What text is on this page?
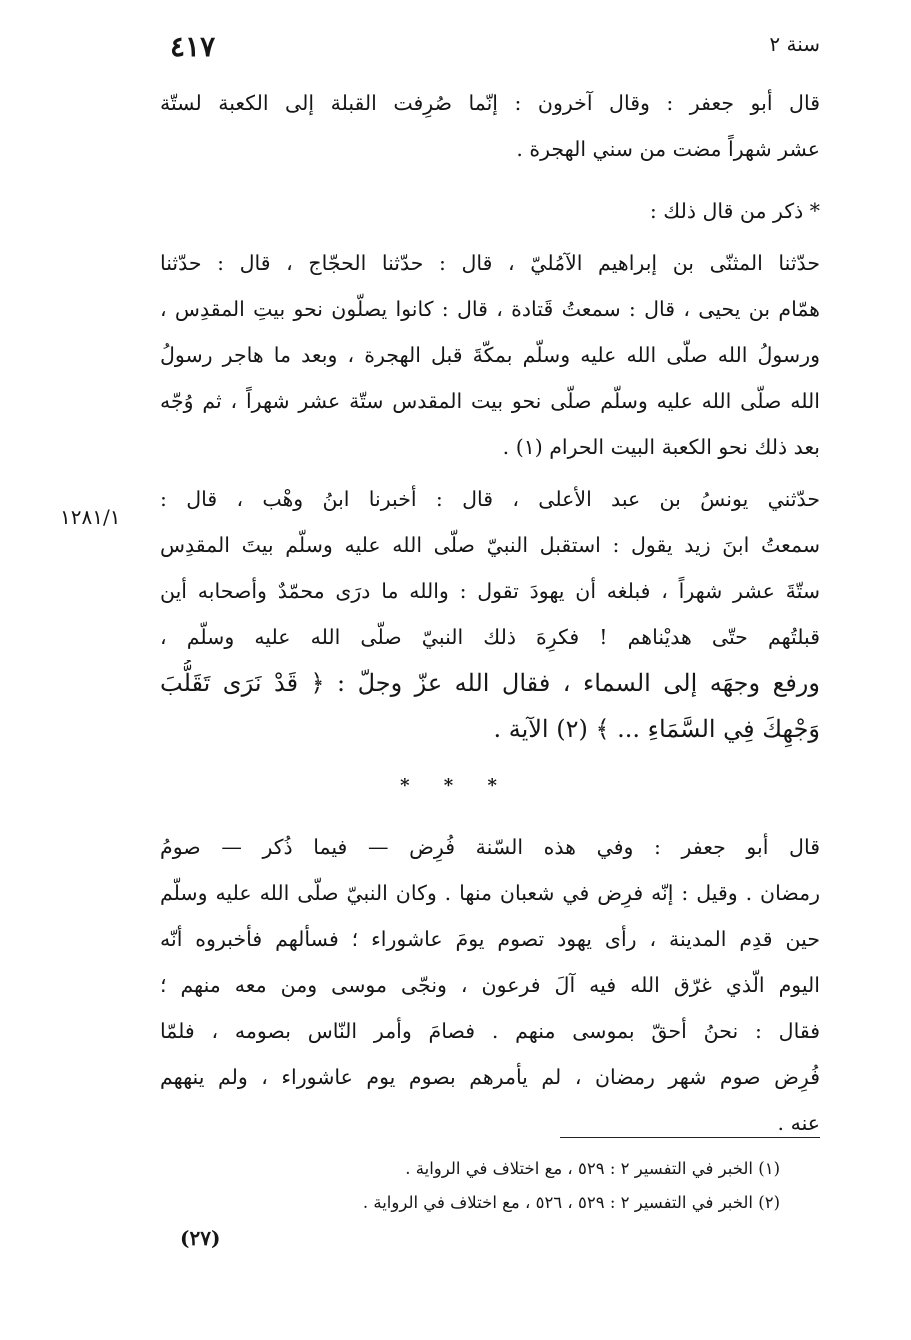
سنة ٢
٤١٧
قال أبو جعفر : وقال آخرون : إنّما صُرِفت القبلة إلى الكعبة لستّة
عشر شهراً مضت من سني الهجرة .
* ذكر من قال ذلك :
حدّثنا المثنّى بن إبراهيم الآمُليّ ، قال : حدّثنا الحجّاج ، قال : حدّثنا
همّام بن يحيى ، قال : سمعتُ قَتادة ، قال : كانوا يصلّون نحو بيتِ المقدِس ،
ورسولُ الله صلّى الله عليه وسلّم بمكّةَ قبل الهجرة ، وبعد ما هاجر رسولُ
الله صلّى الله عليه وسلّم صلّى نحو بيت المقدس ستّة عشر شهراً ، ثم وُجّه
بعد ذلك نحو الكعبة البيت الحرام (١) .
حدّثني يونسُ بن عبد الأعلى ، قال : أخبرنا ابنُ وهْب ، قال :
سمعتُ ابنَ زيد يقول : استقبل النبيّ صلّى الله عليه وسلّم بيتَ المقدِس
ستّةَ عشر شهراً ، فبلغه أن يهودَ تقول : والله ما درَى محمّدٌ وأصحابه أين
قبلتُهم حتّى هديْناهم ! فكرِهَ ذلك النبيّ صلّى الله عليه وسلّم ،
ورفع وجهَه إلى السماء ، فقال الله عزّ وجلّ : ﴿ قَدْ نَرَى تَقَلُّبَ
وَجْهِكَ فِي السَّمَاءِ ... ﴾ (٢) الآية .
قال أبو جعفر : وفي هذه السّنة فُرِض — فيما ذُكر — صومُ
رمضان . وقيل : إنّه فرِض في شعبان منها . وكان النبيّ صلّى الله عليه وسلّم
حين قدِم المدينة ، رأى يهود تصوم يومَ عاشوراء ؛ فسألهم فأخبروه أنّه
اليوم الّذي غرّق الله فيه آلَ فرعون ، ونجّى موسى ومن معه منهم ؛
فقال : نحنُ أحقّ بموسى منهم . فصامَ وأمر النّاس بصومه ، فلمّا
فُرِض صوم شهر رمضان ، لم يأمرهم بصوم يوم عاشوراء ، ولم ينههم
عنه .
١٢٨١/١
* * *
(١) الخبر في التفسير ٢ : ٥٢٩ ، مع اختلاف في الرواية .
(٢) الخبر في التفسير ٢ : ٥٢٩ ، ٥٢٦ ، مع اختلاف في الرواية .
(٢٧)
